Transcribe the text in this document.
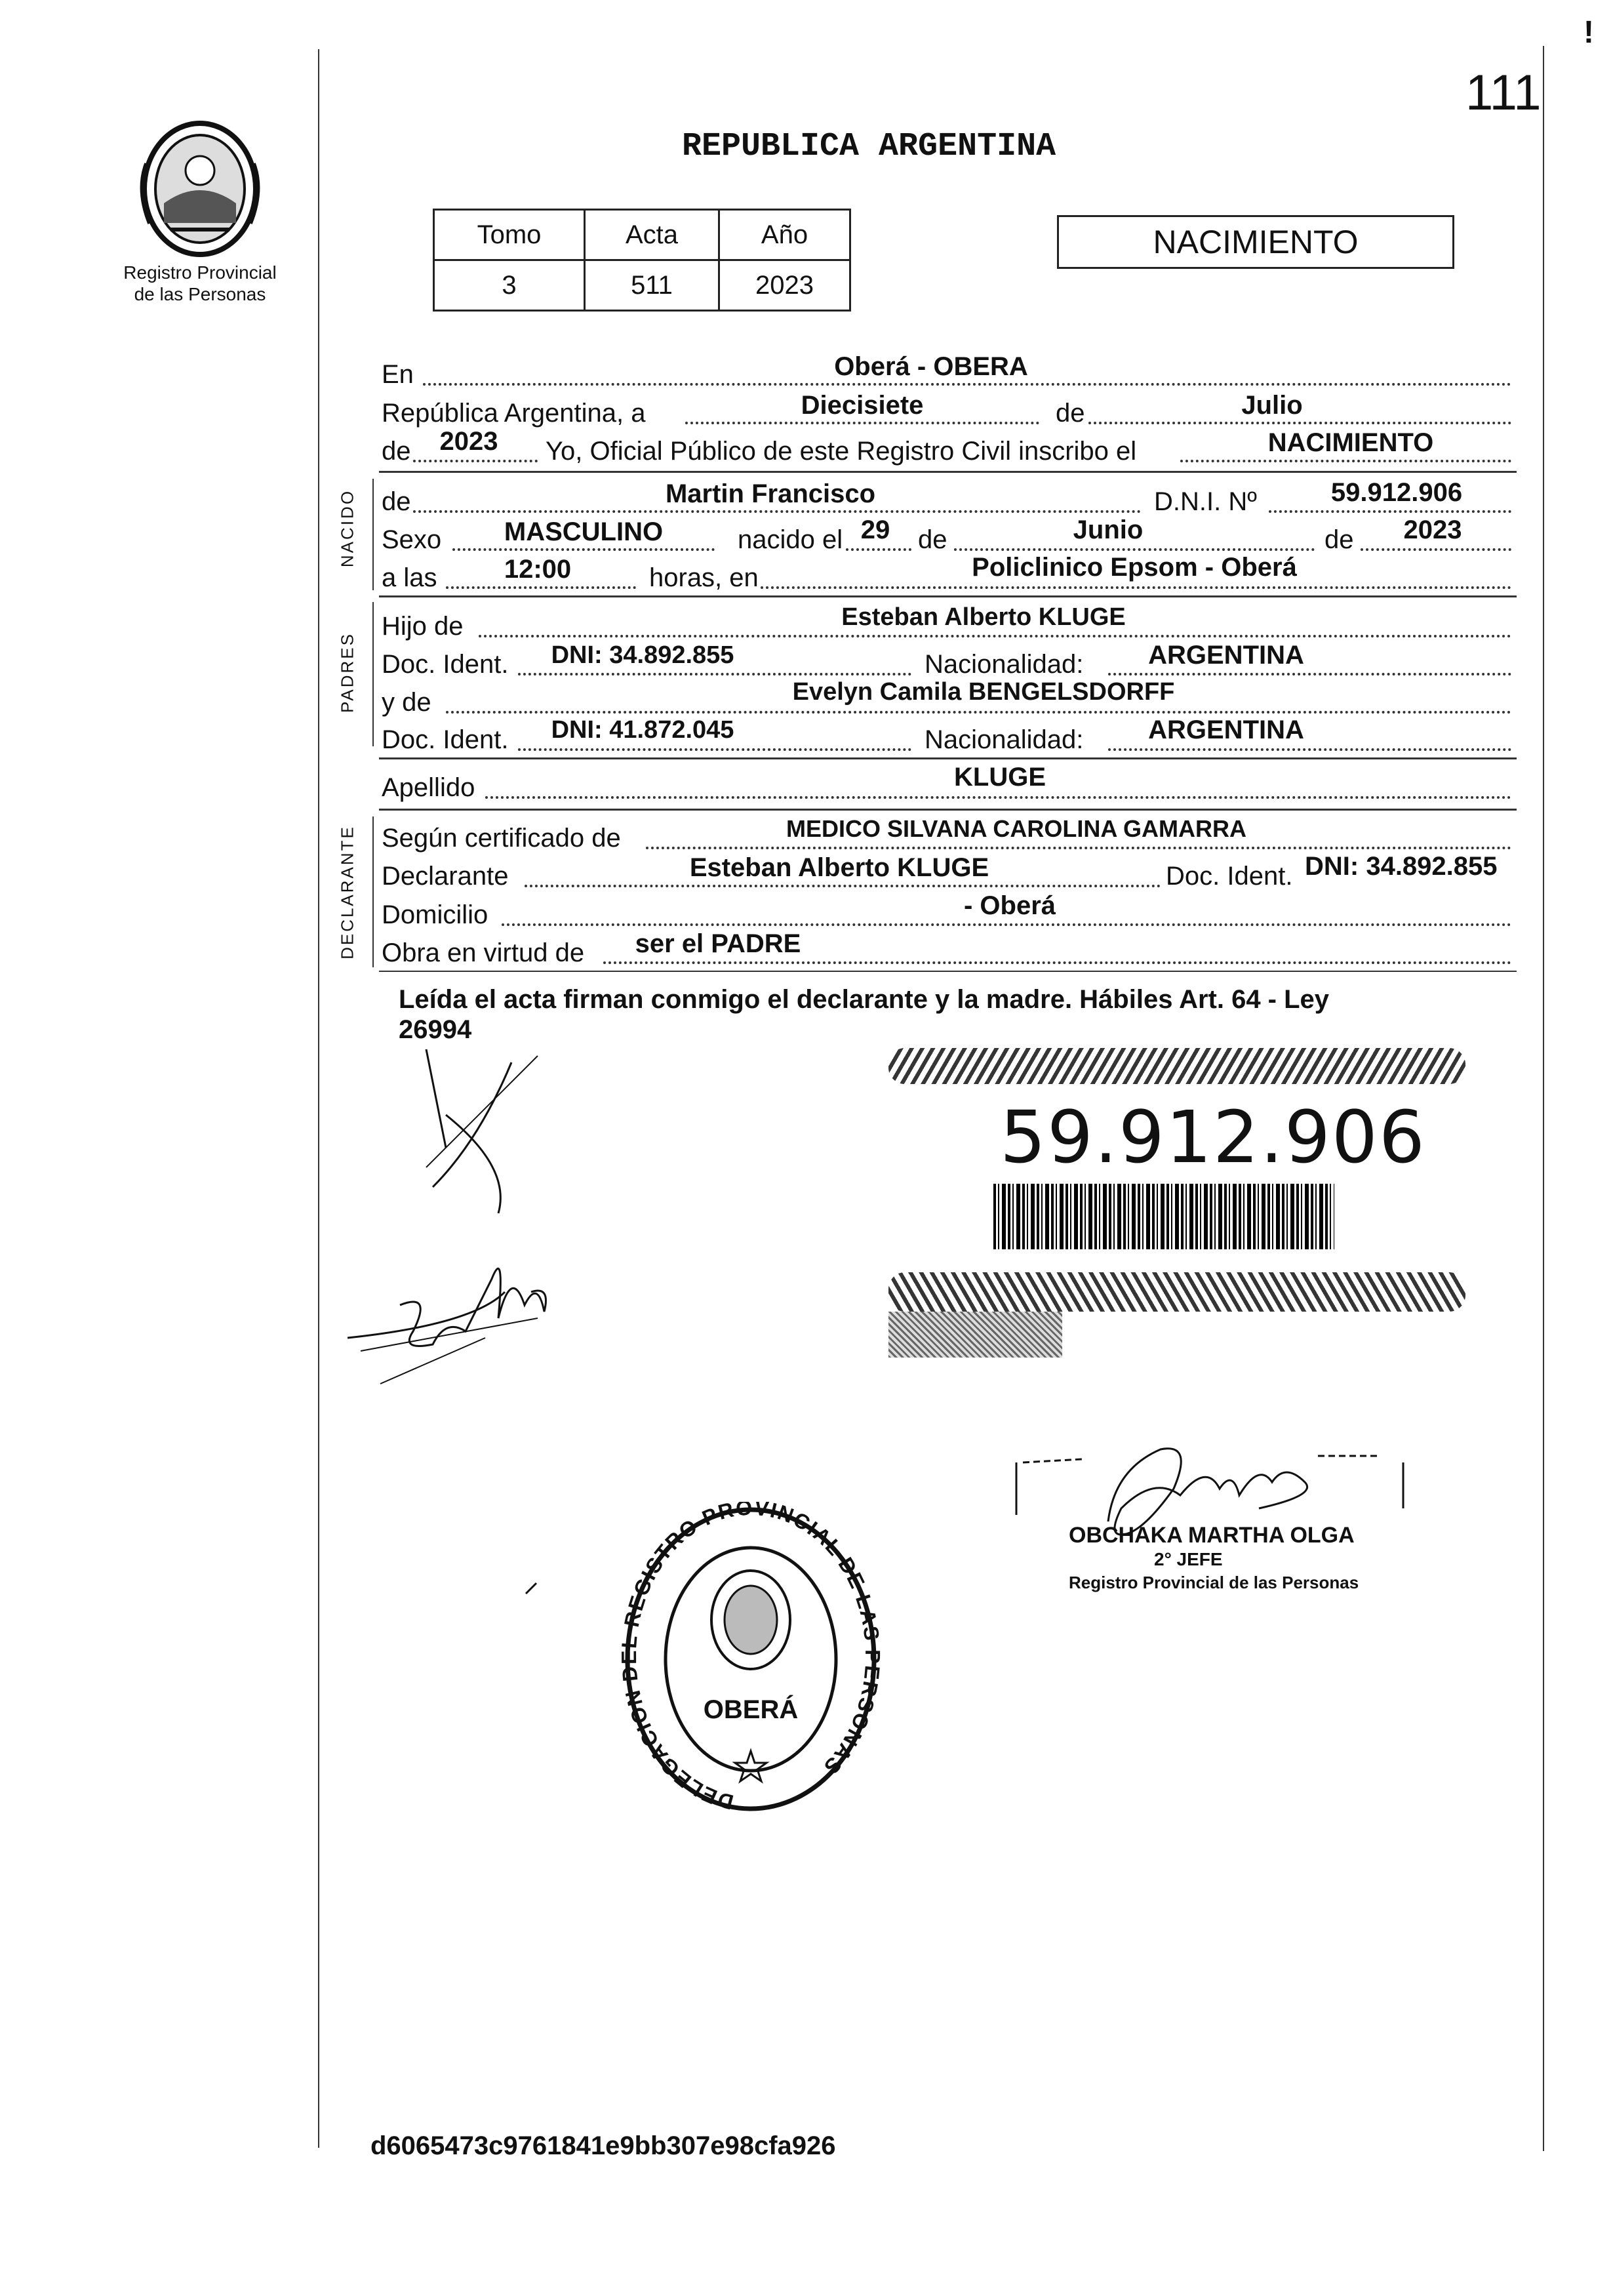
!
111
Registro Provincial
de las Personas
REPUBLICA ARGENTINA
Tomo	Acta	Año
3	511	2023
NACIMIENTO
En	Oberá - OBERA
República Argentina, a	Diecisiete	de	Julio
de	2023	Yo, Oficial Público de este Registro Civil inscribo el	NACIMIENTO
NACIDO de	Martin Francisco	D.N.I. Nº	59.912.906
Sexo	MASCULINO	nacido el 29	de	Junio	de	2023
a las	12:00	horas, en	Policlinico Epsom - Oberá
PADRES
Hijo de	Esteban Alberto KLUGE
Doc. Ident.	DNI: 34.892.855	Nacionalidad:	ARGENTINA
y de	Evelyn Camila BENGELSDORFF
Doc. Ident.	DNI: 41.872.045	Nacionalidad:	ARGENTINA
Apellido	KLUGE
DECLARANTE Según certificado de	MEDICO SILVANA CAROLINA GAMARRA
Declarante	Esteban Alberto KLUGE	Doc. Ident. DNI: 34.892.855
Domicilio	- Oberá
Obra en virtud de	ser el PADRE
Leída el acta firman conmigo el declarante y la madre. Hábiles Art. 64 - Ley
26994
59.912.906
OBCHAKA MARTHA OLGA
2° JEFE
Registro Provincial de las Personas
DELEGACION D REGISTRO PROVINCIAL DE LAS RSONAS
OBERÁ
d6065473c9761841e9bb307e98cfa926
